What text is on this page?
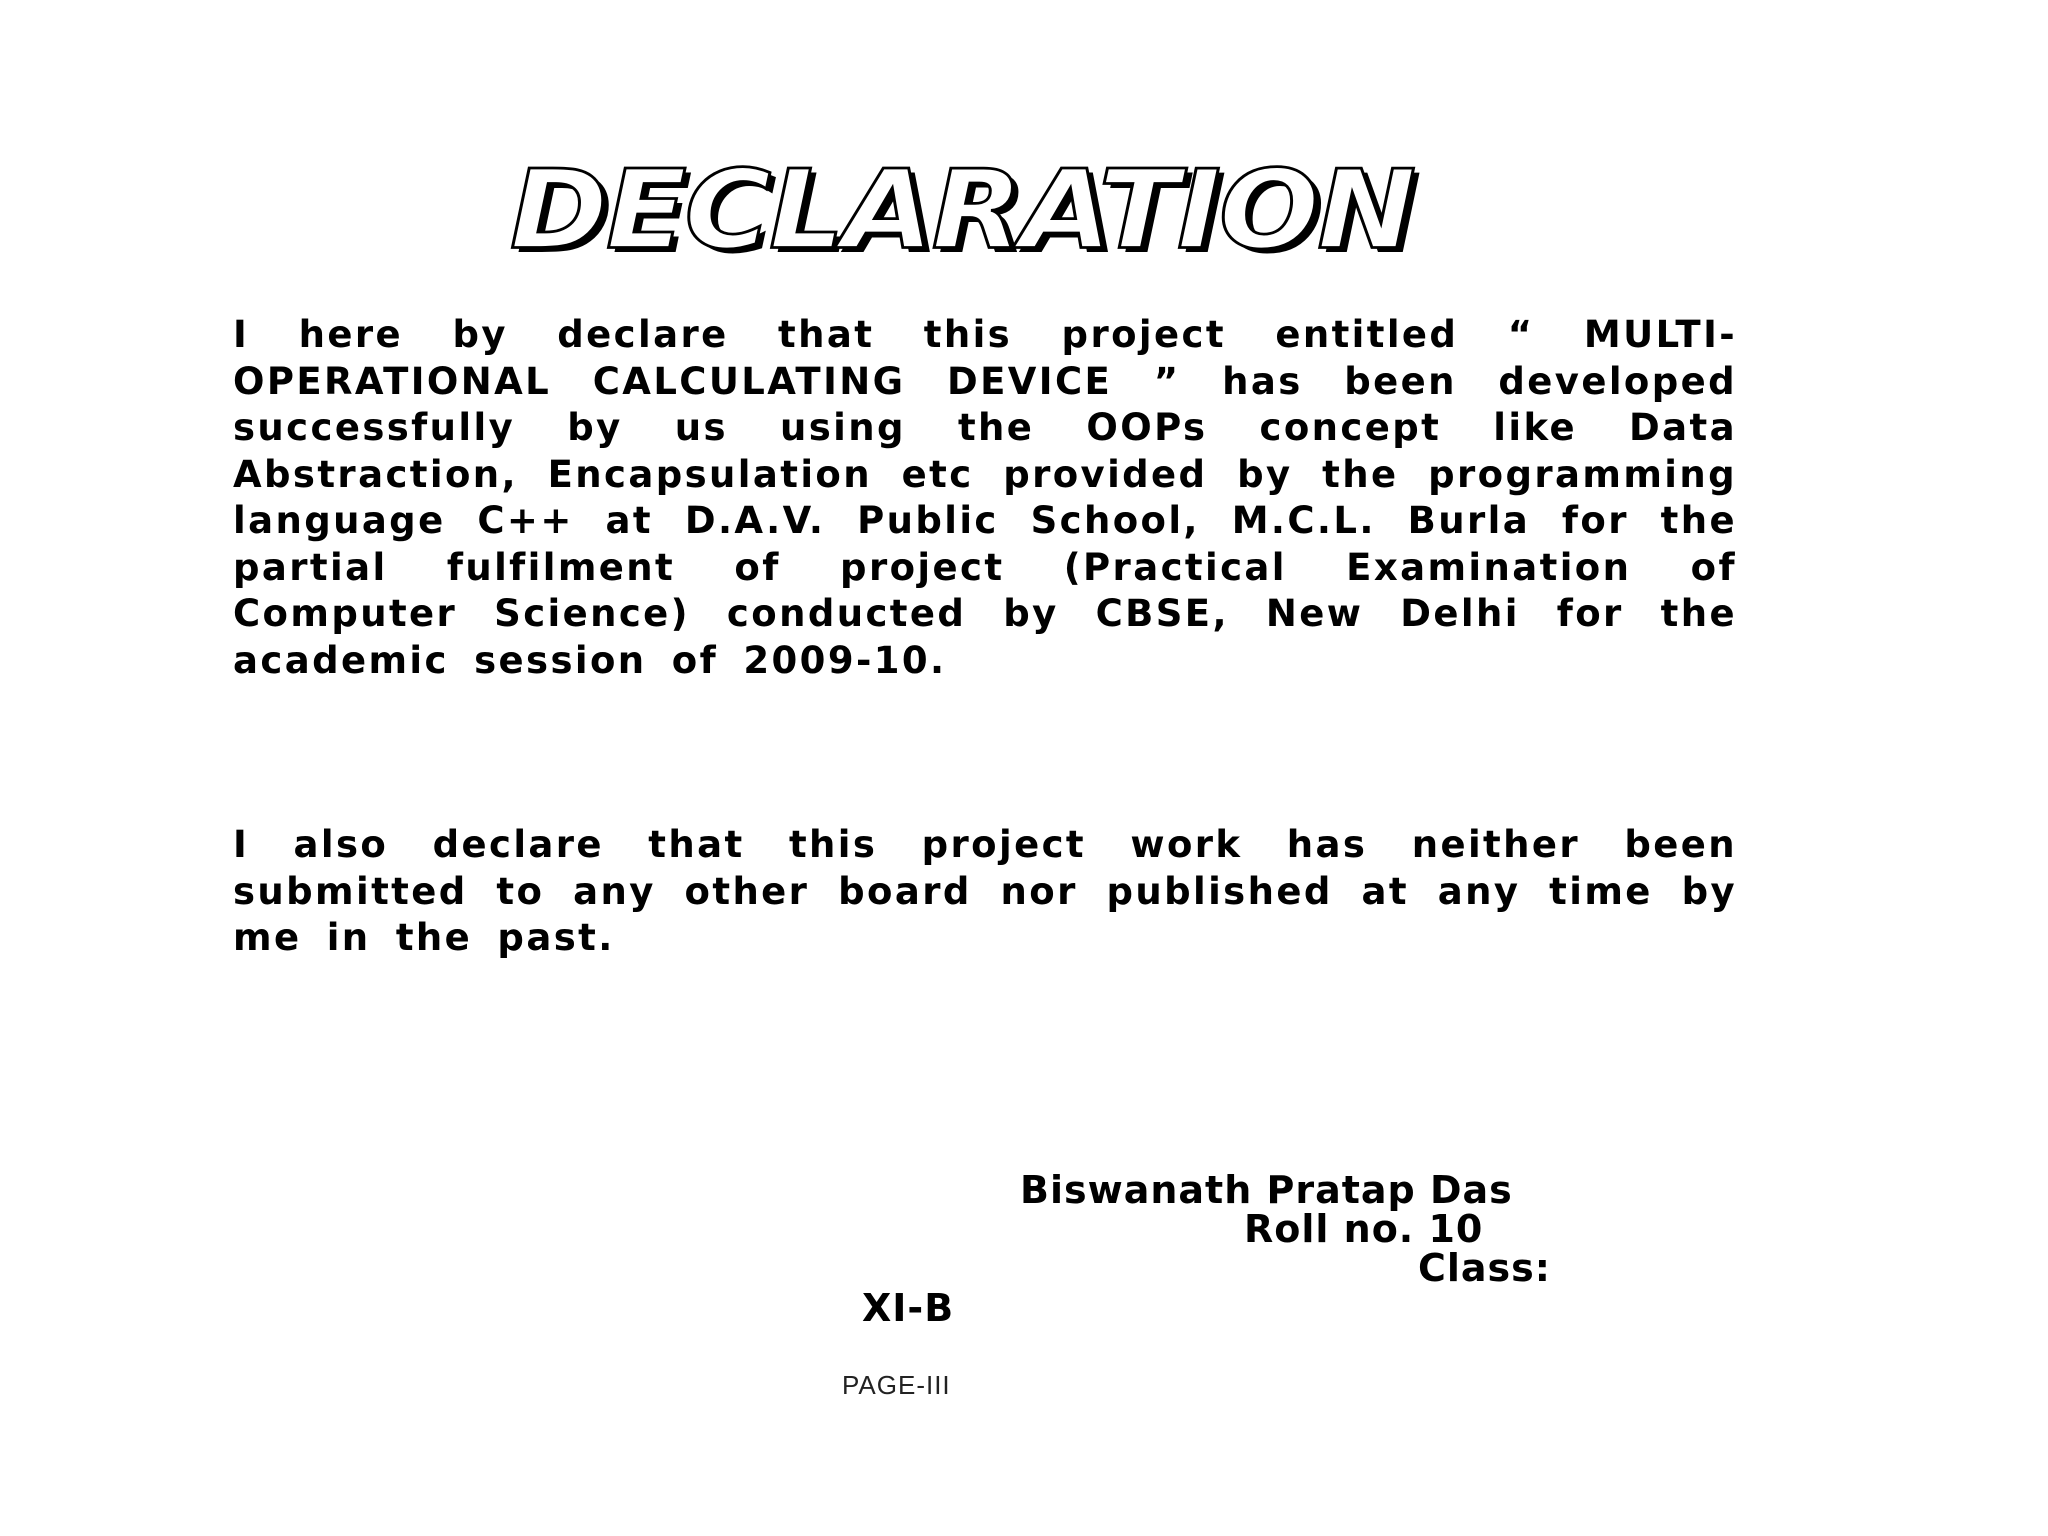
DECLARATION

I here by declare that this project entitled “ MULTI-OPERATIONAL CALCULATING DEVICE ” has been developed successfully by us using the OOPs concept like Data Abstraction, Encapsulation etc provided by the programming language C++ at D.A.V. Public School, M.C.L. Burla for the partial fulfilment of project (Practical Examination of Computer Science) conducted by CBSE, New Delhi for the academic session of 2009-10.

I also declare that this project work has neither been submitted to any other board nor published at any time by me in the past.

Biswanath Pratap Das

Roll no. 10

Class:

XI-B

PAGE-III
